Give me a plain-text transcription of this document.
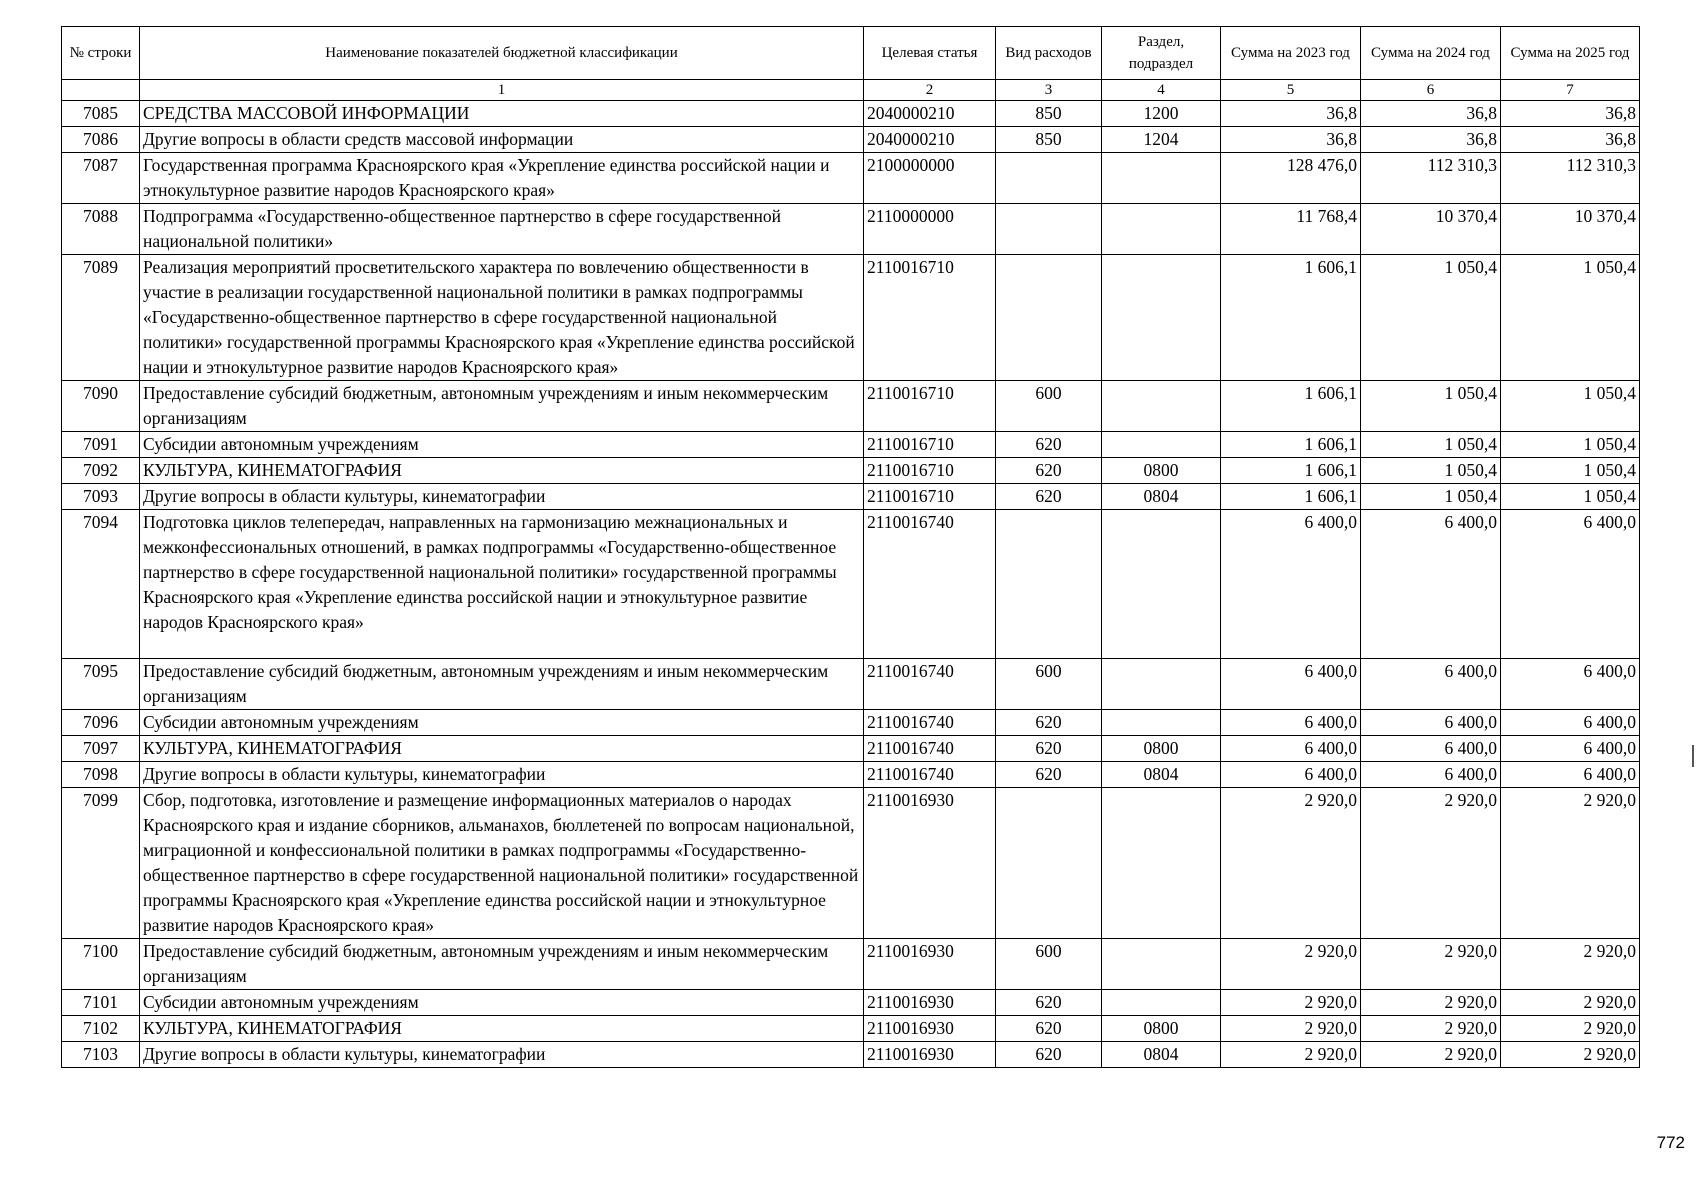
№ строки	Наименование показателей бюджетной классификации	Целевая статья	Вид расходов	Раздел, подраздел	Сумма на 2023 год	Сумма на 2024 год	Сумма на 2025 год
	1	2	3	4	5	6	7
7085	СРЕДСТВА МАССОВОЙ ИНФОРМАЦИИ	2040000210	850	1200	36,8	36,8	36,8
7086	Другие вопросы в области средств массовой информации	2040000210	850	1204	36,8	36,8	36,8
7087	Государственная программа Красноярского края «Укрепление единства российской нации и этнокультурное развитие народов Красноярского края»	2100000000			128 476,0	112 310,3	112 310,3
7088	Подпрограмма «Государственно-общественное партнерство в сфере государственной национальной политики»	2110000000			11 768,4	10 370,4	10 370,4
7089	Реализация мероприятий просветительского характера по вовлечению общественности в участие в реализации государственной национальной политики в рамках подпрограммы «Государственно-общественное партнерство в сфере государственной национальной политики» государственной программы Красноярского края «Укрепление единства российской нации и этнокультурное развитие народов Красноярского края»	2110016710			1 606,1	1 050,4	1 050,4
7090	Предоставление субсидий бюджетным, автономным учреждениям и иным некоммерческим организациям	2110016710	600		1 606,1	1 050,4	1 050,4
7091	Субсидии автономным учреждениям	2110016710	620		1 606,1	1 050,4	1 050,4
7092	КУЛЬТУРА, КИНЕМАТОГРАФИЯ	2110016710	620	0800	1 606,1	1 050,4	1 050,4
7093	Другие вопросы в области культуры, кинематографии	2110016710	620	0804	1 606,1	1 050,4	1 050,4
7094	Подготовка циклов телепередач, направленных на гармонизацию межнациональных и межконфессиональных отношений, в рамках подпрограммы «Государственно-общественное партнерство в сфере государственной национальной политики» государственной программы Красноярского края «Укрепление единства российской нации и этнокультурное развитие народов Красноярского края»	2110016740			6 400,0	6 400,0	6 400,0
7095	Предоставление субсидий бюджетным, автономным учреждениям и иным некоммерческим организациям	2110016740	600		6 400,0	6 400,0	6 400,0
7096	Субсидии автономным учреждениям	2110016740	620		6 400,0	6 400,0	6 400,0
7097	КУЛЬТУРА, КИНЕМАТОГРАФИЯ	2110016740	620	0800	6 400,0	6 400,0	6 400,0
7098	Другие вопросы в области культуры, кинематографии	2110016740	620	0804	6 400,0	6 400,0	6 400,0
7099	Сбор, подготовка, изготовление и размещение информационных материалов о народах Красноярского края и издание сборников, альманахов, бюллетеней по вопросам национальной, миграционной и конфессиональной политики в рамках подпрограммы «Государственно-общественное партнерство в сфере государственной национальной политики» государственной программы Красноярского края «Укрепление единства российской нации и этнокультурное развитие народов Красноярского края»	2110016930			2 920,0	2 920,0	2 920,0
7100	Предоставление субсидий бюджетным, автономным учреждениям и иным некоммерческим организациям	2110016930	600		2 920,0	2 920,0	2 920,0
7101	Субсидии автономным учреждениям	2110016930	620		2 920,0	2 920,0	2 920,0
7102	КУЛЬТУРА, КИНЕМАТОГРАФИЯ	2110016930	620	0800	2 920,0	2 920,0	2 920,0
7103	Другие вопросы в области культуры, кинематографии	2110016930	620	0804	2 920,0	2 920,0	2 920,0
772
